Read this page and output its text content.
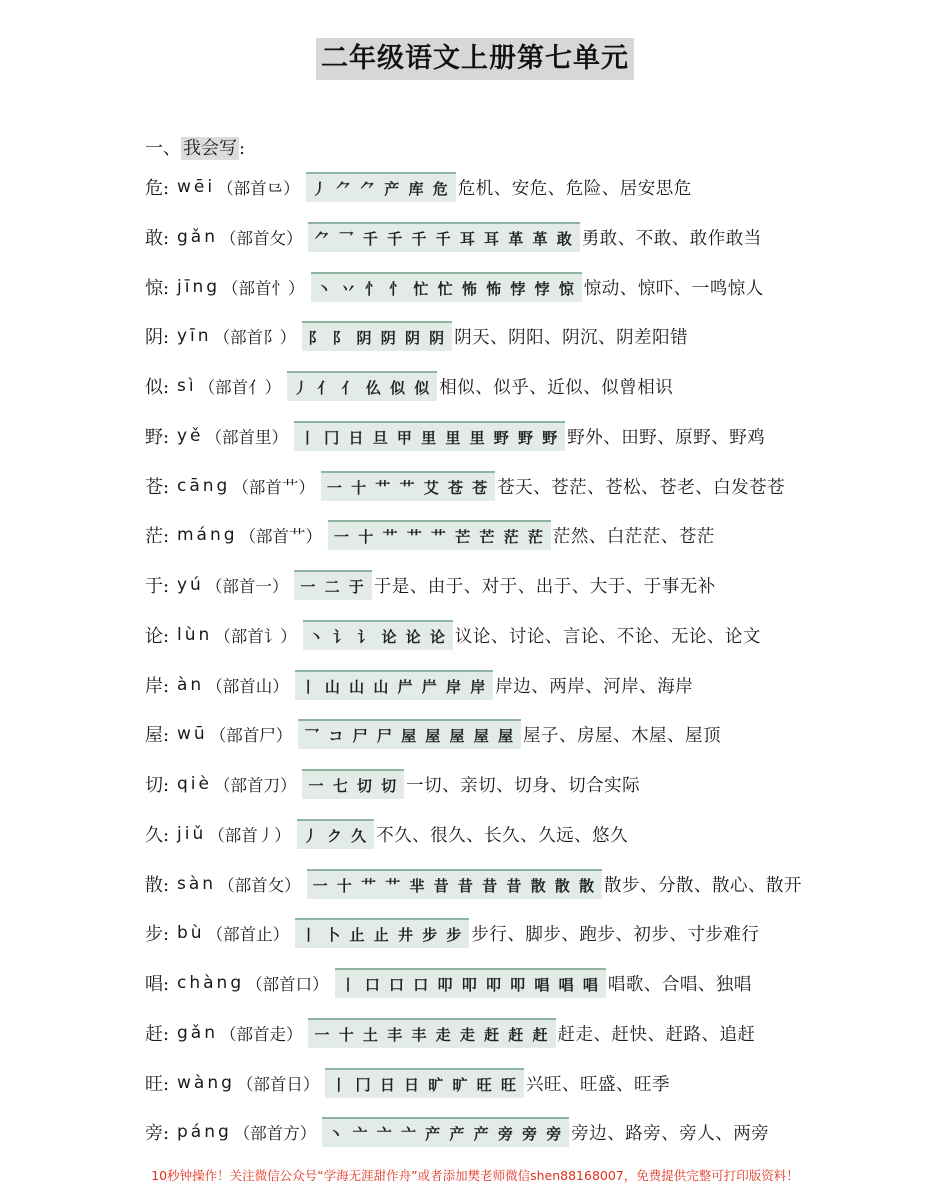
二年级语文上册第七单元
一、 我会写 :
危: wēi （部首⺋） 丿 ⺈ ⺈ 产 库 危 危机、安危、危险、居安思危
敢: gǎn （部首攵） ⺈ 乛 千 千 千 千 耳 耳 革 革 敢 勇敢、不敢、敢作敢当
惊: jīng （部首忄） 丶 丷 忄 忄 忙 忙 怖 怖 悖 悖 惊 惊动、惊吓、一鸣惊人
阴: yīn （部首阝） 阝 阝 阴 阴 阴 阴 阴天、阴阳、阴沉、阴差阳错
似: sì （部首亻） 丿 亻 亻 仫 似 似 相似、似乎、近似、似曾相识
野: yě （部首里） 丨 冂 日 旦 甲 里 里 里 野 野 野 野外、田野、原野、野鸡
苍: cāng （部首艹） 一 十 艹 艹 艾 苍 苍 苍天、苍茫、苍松、苍老、白发苍苍
茫: máng （部首艹） 一 十 艹 艹 艹 芒 芒 茫 茫 茫然、白茫茫、苍茫
于: yú （部首一） 一 二 于 于是、由于、对于、出于、大于、于事无补
论: lùn （部首讠） 丶 讠 讠 论 论 论 议论、讨论、言论、不论、无论、论文
岸: àn （部首山） 丨 山 山 山 屵 屵 岸 岸 岸边、两岸、河岸、海岸
屋: wū （部首尸） 乛 コ 尸 尸 屋 屋 屋 屋 屋 屋子、房屋、木屋、屋顶
切: qiè （部首刀） 一 七 切 切 一切、亲切、切身、切合实际
久: jiǔ （部首丿） 丿 ク 久 不久、很久、长久、久远、悠久
散: sàn （部首攵） 一 十 艹 艹 芈 昔 昔 昔 昔 散 散 散 散步、分散、散心、散开
步: bù （部首止） 丨 卜 止 止 井 步 步 步行、脚步、跑步、初步、寸步难行
唱: chàng （部首口） 丨 口 口 口 叩 叩 叩 叩 唱 唱 唱 唱歌、合唱、独唱
赶: gǎn （部首走） 一 十 土 丰 丰 走 走 赶 赶 赶 赶走、赶快、赶路、追赶
旺: wàng （部首日） 丨 冂 日 日 旷 旷 旺 旺 兴旺、旺盛、旺季
旁: páng （部首方） 丶 亠 亠 亠 产 产 产 旁 旁 旁 旁边、路旁、旁人、两旁
10秒钟操作！关注微信公众号“学海无涯甜作舟”或者添加樊老师微信shen88168007，免费提供完整可打印版资料！
